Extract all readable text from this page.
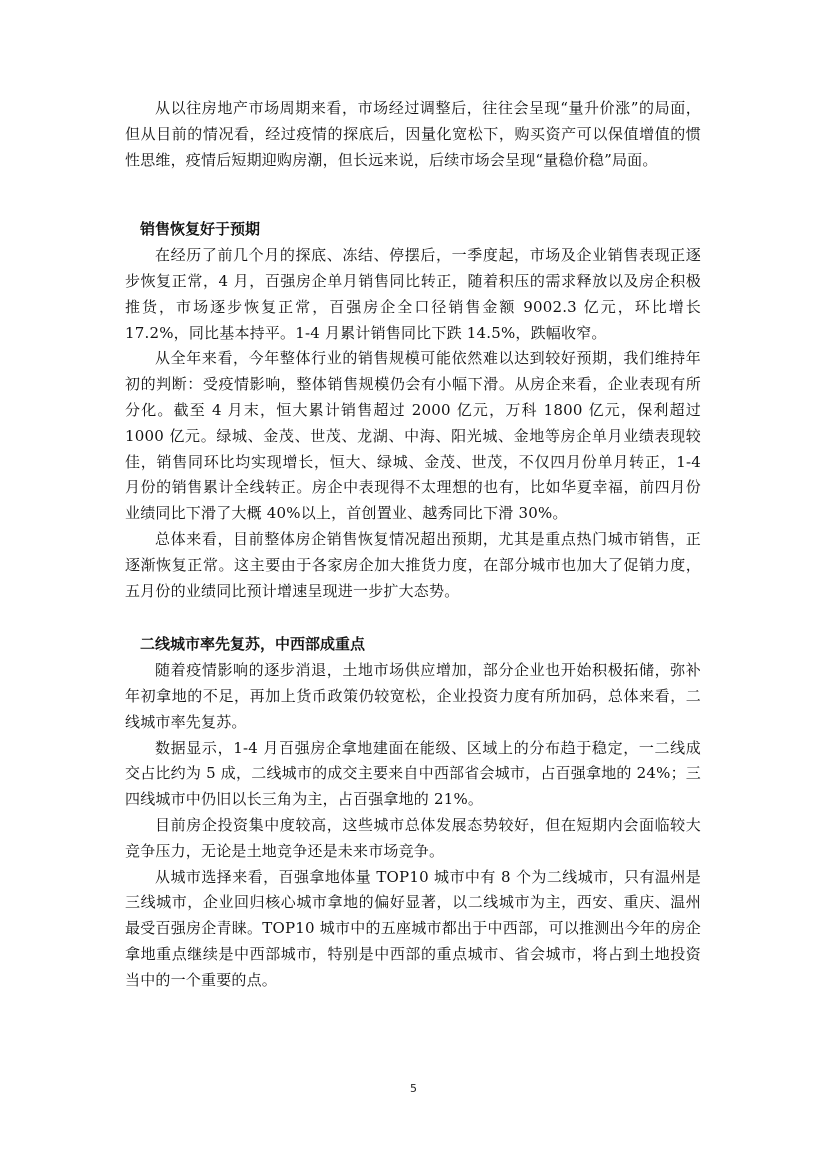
从以往房地产市场周期来看，市场经过调整后，往往会呈现“量升价涨”的局面，但从目前的情况看，经过疫情的探底后，因量化宽松下，购买资产可以保值增值的惯性思维，疫情后短期迎购房潮，但长远来说，后续市场会呈现“量稳价稳”局面。

销售恢复好于预期

在经历了前几个月的探底、冻结、停摆后，一季度起，市场及企业销售表现正逐步恢复正常，4 月，百强房企单月销售同比转正，随着积压的需求释放以及房企积极推货，市场逐步恢复正常，百强房企全口径销售金额 9002.3 亿元，环比增长 17.2%，同比基本持平。1-4 月累计销售同比下跌 14.5%，跌幅收窄。

从全年来看，今年整体行业的销售规模可能依然难以达到较好预期，我们维持年初的判断：受疫情影响，整体销售规模仍会有小幅下滑。从房企来看，企业表现有所分化。截至 4 月末，恒大累计销售超过 2000 亿元，万科 1800 亿元，保利超过 1000 亿元。绿城、金茂、世茂、龙湖、中海、阳光城、金地等房企单月业绩表现较佳，销售同环比均实现增长，恒大、绿城、金茂、世茂，不仅四月份单月转正，1-4 月份的销售累计全线转正。房企中表现得不太理想的也有，比如华夏幸福，前四月份业绩同比下滑了大概 40%以上，首创置业、越秀同比下滑 30%。

总体来看，目前整体房企销售恢复情况超出预期，尤其是重点热门城市销售，正逐渐恢复正常。这主要由于各家房企加大推货力度，在部分城市也加大了促销力度，五月份的业绩同比预计增速呈现进一步扩大态势。

二线城市率先复苏，中西部成重点

随着疫情影响的逐步消退，土地市场供应增加，部分企业也开始积极拓储，弥补年初拿地的不足，再加上货币政策仍较宽松，企业投资力度有所加码，总体来看，二线城市率先复苏。

数据显示，1-4 月百强房企拿地建面在能级、区域上的分布趋于稳定，一二线成交占比约为 5 成，二线城市的成交主要来自中西部省会城市，占百强拿地的 24%；三四线城市中仍旧以长三角为主，占百强拿地的 21%。

目前房企投资集中度较高，这些城市总体发展态势较好，但在短期内会面临较大竞争压力，无论是土地竞争还是未来市场竞争。

从城市选择来看，百强拿地体量 TOP10 城市中有 8 个为二线城市，只有温州是三线城市，企业回归核心城市拿地的偏好显著，以二线城市为主，西安、重庆、温州最受百强房企青睐。TOP10 城市中的五座城市都出于中西部，可以推测出今年的房企拿地重点继续是中西部城市，特别是中西部的重点城市、省会城市，将占到土地投资当中的一个重要的点。

5
